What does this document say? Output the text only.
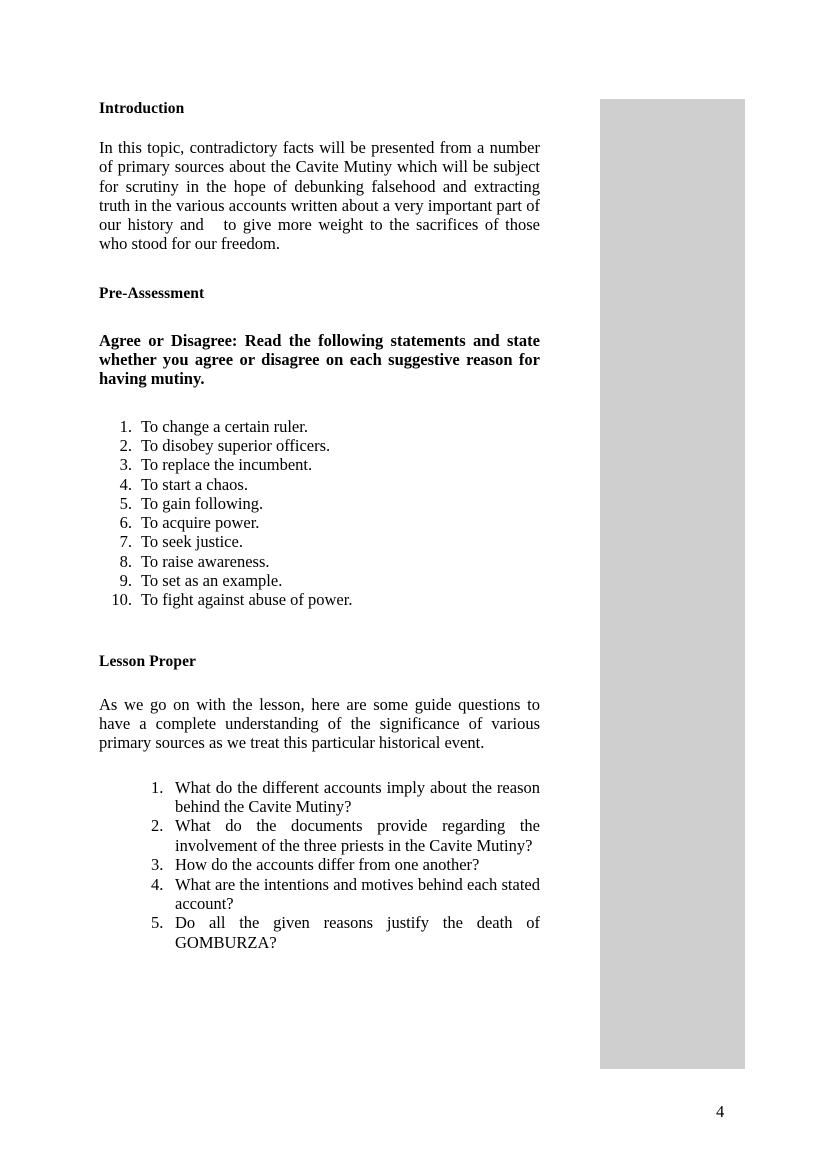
Introduction

In this topic, contradictory facts will be presented from a number of primary sources about the Cavite Mutiny which will be subject for scrutiny in the hope of debunking falsehood and extracting truth in the various accounts written about a very important part of our history and   to give more weight to the sacrifices of those who stood for our freedom.

Pre-Assessment

Agree or Disagree: Read the following statements and state whether you agree or disagree on each suggestive reason for having mutiny.

1. To change a certain ruler.
2. To disobey superior officers.
3. To replace the incumbent.
4. To start a chaos.
5. To gain following.
6. To acquire power.
7. To seek justice.
8. To raise awareness.
9. To set as an example.
10. To fight against abuse of power.
Lesson Proper

As we go on with the lesson, here are some guide questions to have a complete understanding of the significance of various primary sources as we treat this particular historical event.

1. What do the different accounts imply about the reason behind the Cavite Mutiny?
2. What do the documents provide regarding the involvement of the three priests in the Cavite Mutiny?
3. How do the accounts differ from one another?
4. What are the intentions and motives behind each stated account?
5. Do all the given reasons justify the death of GOMBURZA?
4
